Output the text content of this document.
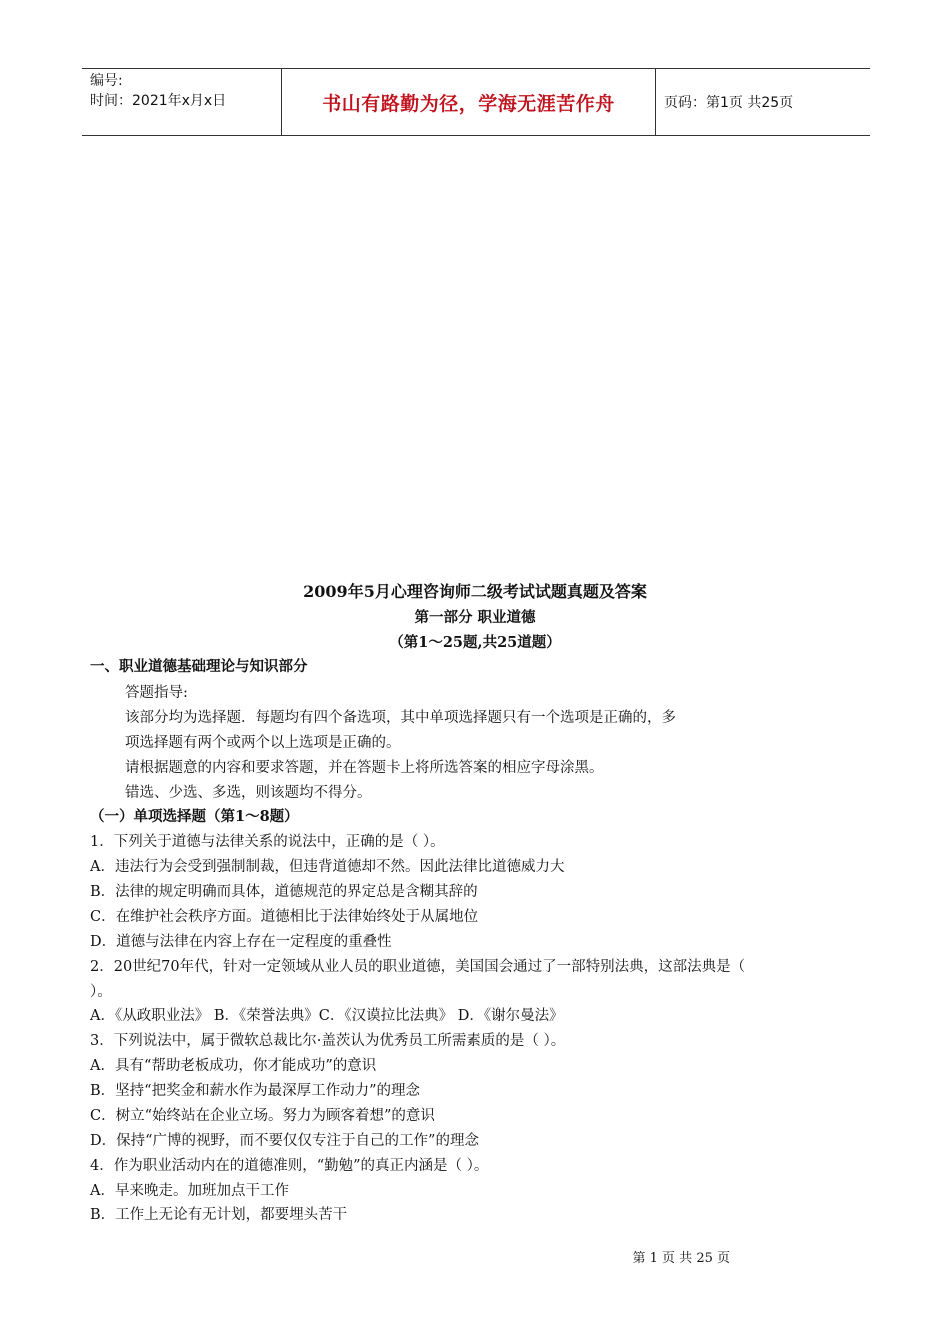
编号:
时间：2021年x月x日	书山有路勤为径，学海无涯苦作舟	页码：第1页 共25页
2009年5月心理咨询师二级考试试题真题及答案
第一部分 职业道德
（第1～25题,共25道题）
一、职业道德基础理论与知识部分
答题指导:
该部分均为选择题．每题均有四个备选项，其中单项选择题只有一个选项是正确的，多
项选择题有两个或两个以上选项是正确的。
请根据题意的内容和要求答题，并在答题卡上将所选答案的相应字母涂黑。
错选、少选、多选，则该题均不得分。
（一）单项选择题（第1～8题）
1．下列关于道德与法律关系的说法中，正确的是（ ）。
A．违法行为会受到强制制裁，但违背道德却不然。因此法律比道德威力大
B．法律的规定明确而具体，道德规范的界定总是含糊其辞的
C．在维护社会秩序方面。道德相比于法律始终处于从属地位
D．道德与法律在内容上存在一定程度的重叠性
2．20世纪70年代，针对一定领域从业人员的职业道德，美国国会通过了一部特别法典，这部法典是（
）。
A．《从政职业法》 B．《荣誉法典》C．《汉谟拉比法典》 D．《谢尔曼法》
3．下列说法中，属于微软总裁比尔·盖茨认为优秀员工所需素质的是（ ）。
A．具有“帮助老板成功，你才能成功”的意识
B．坚持“把奖金和薪水作为最深厚工作动力”的理念
C．树立“始终站在企业立场。努力为顾客着想”的意识
D．保持“广博的视野，而不要仅仅专注于自己的工作”的理念
4．作为职业活动内在的道德准则，“勤勉”的真正内涵是（ ）。
A．早来晚走。加班加点干工作
B．工作上无论有无计划，都要埋头苦干
第 1 页 共 25 页
